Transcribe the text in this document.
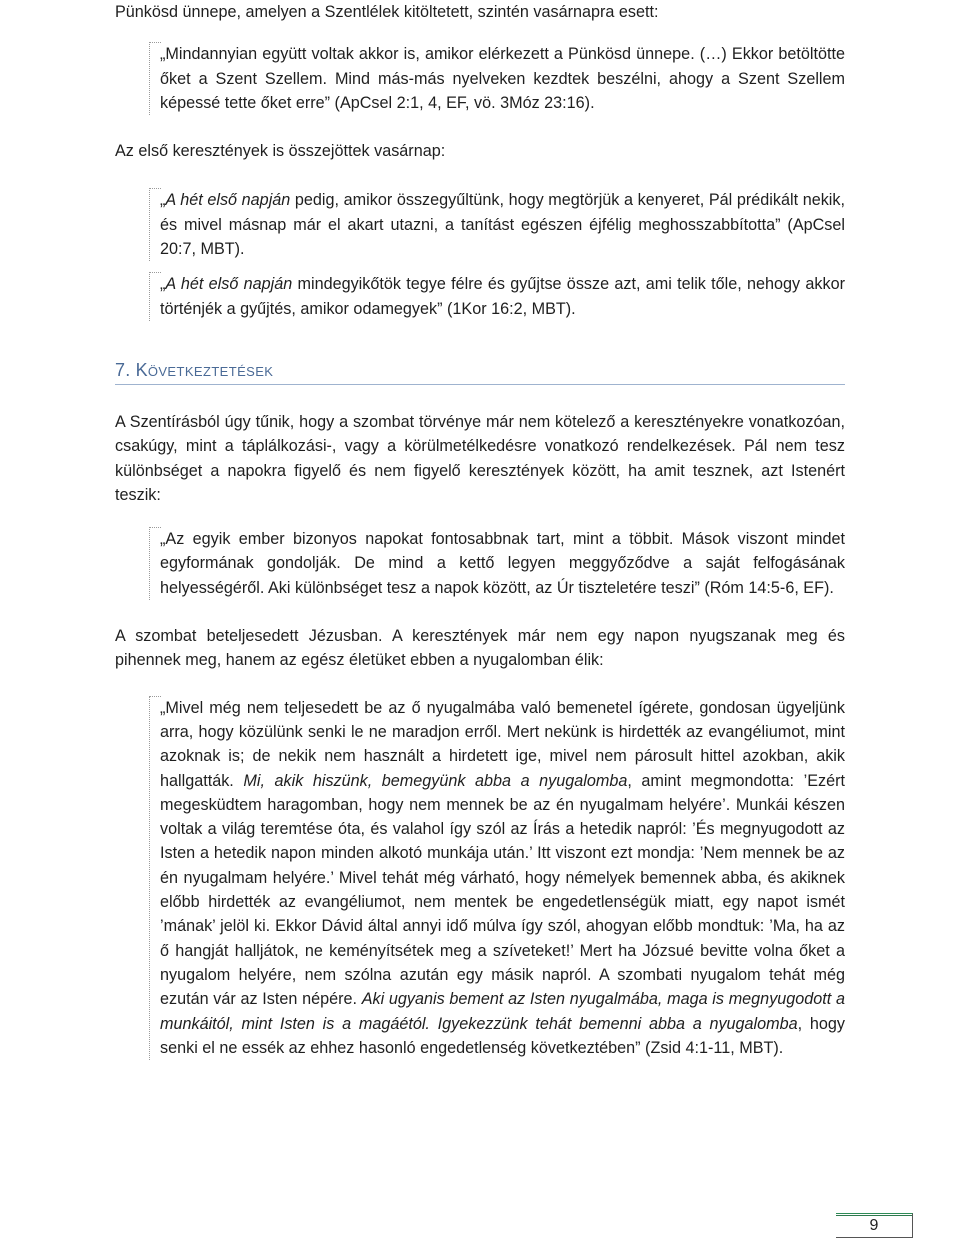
Pünkösd ünnepe, amelyen a Szentlélek kitöltetett, szintén vasárnapra esett:

„Mindannyian együtt voltak akkor is, amikor elérkezett a Pünkösd ünnepe. (…) Ekkor betöltötte őket a Szent Szellem. Mind más-más nyelveken kezdtek beszélni, ahogy a Szent Szellem képessé tette őket erre” (ApCsel 2:1, 4, EF, vö. 3Móz 23:16).

Az első keresztények is összejöttek vasárnap:

„A hét első napján pedig, amikor összegyűltünk, hogy megtörjük a kenyeret, Pál prédikált nekik, és mivel másnap már el akart utazni, a tanítást egészen éjfélig meghosszabbította” (ApCsel 20:7, MBT).

„A hét első napján mindegyikőtök tegye félre és gyűjtse össze azt, ami telik tőle, nehogy akkor történjék a gyűjtés, amikor odamegyek” (1Kor 16:2, MBT).

7. KÖVETKEZTETÉSEK

A Szentírásból úgy tűnik, hogy a szombat törvénye már nem kötelező a keresztényekre vonatkozóan, csakúgy, mint a táplálkozási-, vagy a körülmetélkedésre vonatkozó rendelkezések. Pál nem tesz különbséget a napokra figyelő és nem figyelő keresztények között, ha amit tesznek, azt Istenért teszik:

„Az egyik ember bizonyos napokat fontosabbnak tart, mint a többit. Mások viszont mindet egyformának gondolják. De mind a kettő legyen meggyőződve a saját felfogásának helyességéről. Aki különbséget tesz a napok között, az Úr tiszteletére teszi” (Róm 14:5-6, EF).

A szombat beteljesedett Jézusban. A keresztények már nem egy napon nyugszanak meg és pihennek meg, hanem az egész életüket ebben a nyugalomban élik:

„Mivel még nem teljesedett be az ő nyugalmába való bemenetel ígérete, gondosan ügyeljünk arra, hogy közülünk senki le ne maradjon erről. Mert nekünk is hirdették az evangéliumot, mint azoknak is; de nekik nem használt a hirdetett ige, mivel nem párosult hittel azokban, akik hallgatták. Mi, akik hiszünk, bemegyünk abba a nyugalomba, amint megmondotta: ’Ezért megesküdtem haragomban, hogy nem mennek be az én nyugalmam helyére’. Munkái készen voltak a világ teremtése óta, és valahol így szól az Írás a hetedik napról: ’És megnyugodott az Isten a hetedik napon minden alkotó munkája után.’ Itt viszont ezt mondja: ’Nem mennek be az én nyugalmam helyére.’ Mivel tehát még várható, hogy némelyek bemennek abba, és akiknek előbb hirdették az evangéliumot, nem mentek be engedetlenségük miatt, egy napot ismét ’mának’ jelöl ki. Ekkor Dávid által annyi idő múlva így szól, ahogyan előbb mondtuk: ’Ma, ha az ő hangját halljátok, ne keményítsétek meg a szíveteket!’ Mert ha Józsué bevitte volna őket a nyugalom helyére, nem szólna azután egy másik napról. A szombati nyugalom tehát még ezután vár az Isten népére. Aki ugyanis bement az Isten nyugalmába, maga is megnyugodott a munkáitól, mint Isten is a magáétól. Igyekezzünk tehát bemenni abba a nyugalomba, hogy senki el ne essék az ehhez hasonló engedetlenség következtében” (Zsid 4:1-11, MBT).

9
